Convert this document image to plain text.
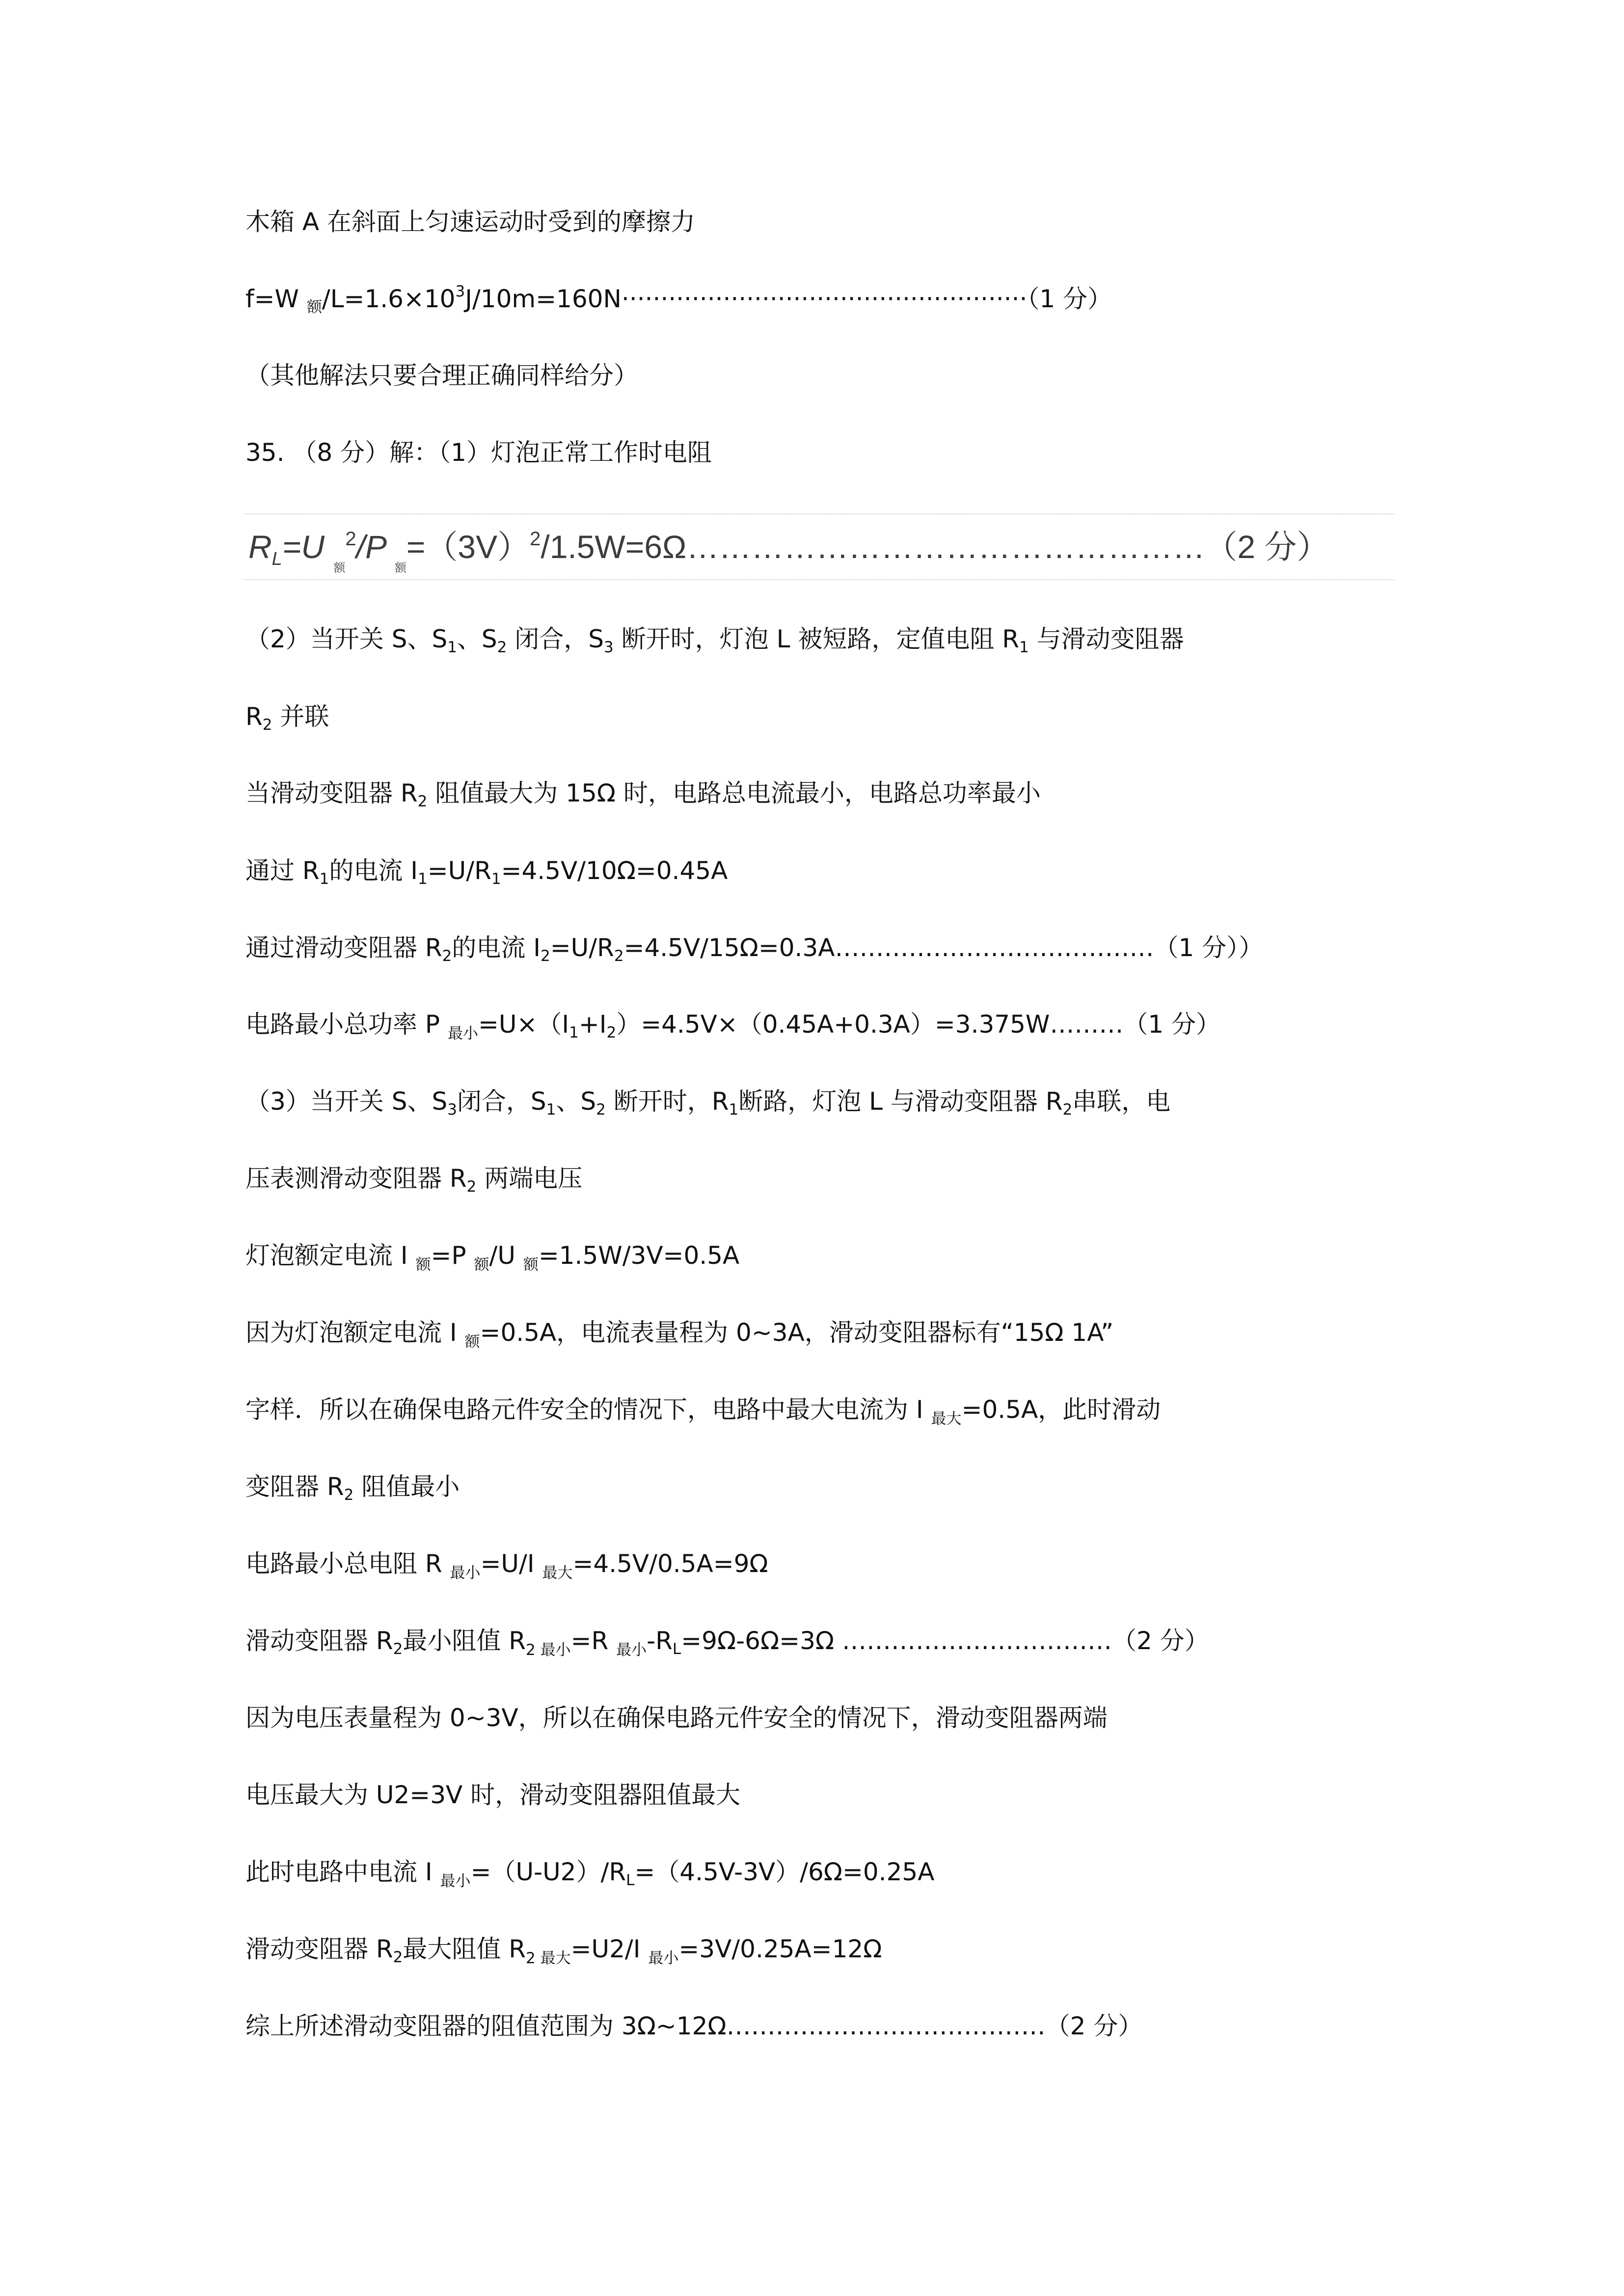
木箱 A 在斜面上匀速运动时受到的摩擦力
f=W $_额/L=1.6\times 10^3J/10m=160N\cdot\cdot\cdot\cdot\cdot\cdot\cdot\cdot\cdot\cdot\cdot\cdot\cdot\cdot\cdot\cdot\cdot\cdot\cdot\cdot\cdot\cdot\cdot\cdot\cdot\cdot\cdot\cdot\cdot\cdot\cdot\cdot\cdot\cdot\cdot\cdot\cdot\cdot\cdot\cdot\cdot\cdot\cdot\cdot\cdot\cdot\cdot\cdot\cdot\cdot\cdot\cdot(1$ 分）
（其他解法只要合理正确同样给分）
35. （8 分）解：（1）灯泡正常工作时电阻
$R_L=U$ $_额^2$/P $_额=(3V)^2/1.5W=6\Omega\dots\dots\dots\dots\dots\dots\dots\dots\dots\dots\dots\dots\dots\dots\dots\dots(2$ 分）
（2）当开关 S、$S_1$、$S_2$ 闭合，$S_3$ 断开时，灯泡 L 被短路，定值电阻 $R_1$ 与滑动变阻器
$R_2$ 并联
当滑动变阻器 $R_2$ 阻值最大为 15Ω 时，电路总电流最小，电路总功率最小
通过 $R_1$的电流 $I_1=U/R_1=4.5V/10\Omega=0.45A$
通过滑动变阻器 $R_2$的电流 $I_2=U/R_2=4.5V/15\Omega=0.3A\dots\dots\dots\dots\dots\dots\dots\dots\dots\dots\dots\dots\dots(1$ 分））
电路最小总功率 P $_{最小}=U\times(I_1+I_2)=4.5V\times(0.45A+0.3A)=3.375W\dots\dots\dots(1$ 分）
（3）当开关 S、$S_3$闭合，$S_1$、$S_2$ 断开时，$R_1$断路，灯泡 L 与滑动变阻器 $R_2$串联，电
压表测滑动变阻器 $R_2$ 两端电压
灯泡额定电流 I $_额$=P $_额$/U $_额$=1.5W/3V=0.5A
因为灯泡额定电流 I $_额$=0.5A，电流表量程为 0~3A，滑动变阻器标有“15Ω 1A”
字样．所以在确保电路元件安全的情况下，电路中最大电流为 I $_{最大}$=0.5A，此时滑动
变阻器 $R_2$ 阻值最小
电路最小总电阻 R $_{最小}$=U/I $_{最大}$=4.5V/0.5A=9Ω
滑动变阻器 $R_2$最小阻值 $R_{2 最小}=R$ $_{最小}-R_L=9\Omega-6\Omega=3\Omega$ ……………………………（2 分）
因为电压表量程为 0~3V，所以在确保电路元件安全的情况下，滑动变阻器两端
电压最大为 U2=3V 时，滑动变阻器阻值最大
此时电路中电流 I $_{最小}=(U-U2)/R_L=(4.5V-3V)/6\Omega=0.25A$
滑动变阻器 $R_2$最大阻值 $R_{2 最大}=U2/I$ $_{最小}$=3V/0.25A=12Ω
综上所述滑动变阻器的阻值范围为 3Ω~12Ω…………………………………（2 分）
